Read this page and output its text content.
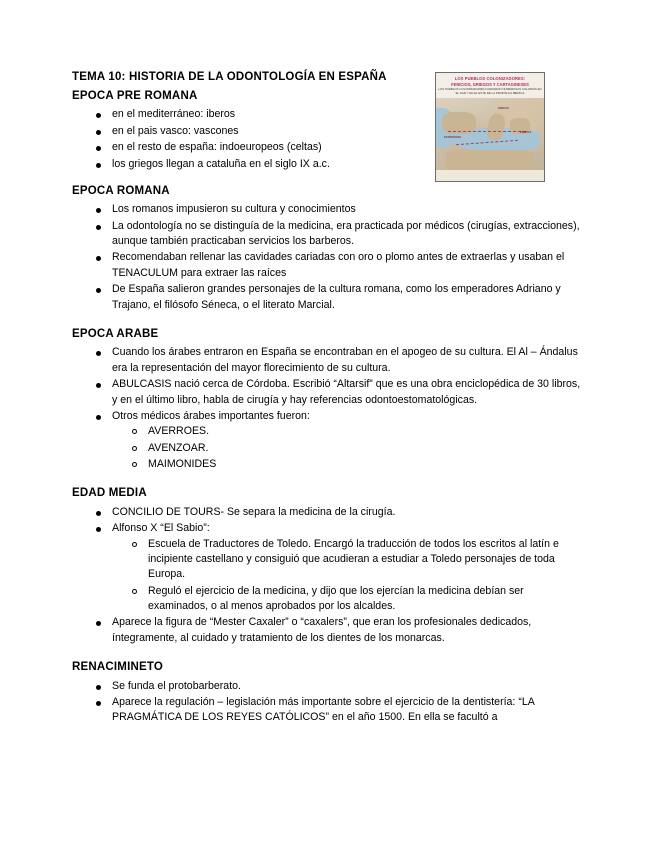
LOS PUEBLOS COLONIZADORES:
FENICIOS, GRIEGOS Y CARTAGINESES
LOS PUEBLOS COLONIZADORES FUNDARON NUMEROSAS COLONIAS EN EL SUR Y EN EL ESTE DE LA PENINSULA IBERICA
TARTESSOS
GRECIA
FENICIA
TEMA 10: HISTORIA DE LA ODONTOLOGÍA EN ESPAÑA
EPOCA PRE ROMANA
en el mediterráneo: iberos
en el pais vasco: vascones
en el resto de españa: indoeuropeos (celtas)
los griegos llegan a cataluña en el siglo IX a.c.
EPOCA ROMANA
Los romanos impusieron su cultura y conocimientos
La odontología no se distinguía de la medicina, era practicada por médicos (cirugías, extracciones), aunque también practicaban servicios los barberos.
Recomendaban rellenar las cavidades cariadas con oro o plomo antes de extraerlas y usaban el TENACULUM para extraer las raíces
De España salieron grandes personajes de la cultura romana, como los emperadores Adriano y Trajano, el filósofo Séneca, o el literato Marcial.
EPOCA ARABE
Cuando los árabes entraron en España se encontraban en el apogeo de su cultura. El Al – Ándalus era la representación del mayor florecimiento de su cultura.
ABULCASIS nació cerca de Córdoba. Escribió “Altarsif” que es una obra enciclopédica de 30 libros, y en el último libro, habla de cirugía y hay referencias odontoestomatológicas.
Otros médicos árabes importantes fueron:
AVERROES.
AVENZOAR.
MAIMONIDES
EDAD MEDIA
CONCILIO DE TOURS- Se separa la medicina de la cirugía.
Alfonso X “El Sabio”:
Escuela de Traductores de Toledo. Encargó la traducción de todos los escritos al latín e incipiente castellano y consiguió que acudieran a estudiar a Toledo personajes de toda Europa.
Reguló el ejercicio de la medicina, y dijo que los ejercían la medicina debían ser examinados, o al menos aprobados por los alcaldes.
Aparece la figura de “Mester Caxaler” o “caxalers”, que eran los profesionales dedicados, íntegramente, al cuidado y tratamiento de los dientes de los monarcas.
RENACIMINETO
Se funda el protobarberato.
Aparece la regulación – legislación más importante sobre el ejercicio de la dentistería: “LA PRAGMÁTICA DE LOS REYES CATÓLICOS” en el año 1500. En ella se facultó a
